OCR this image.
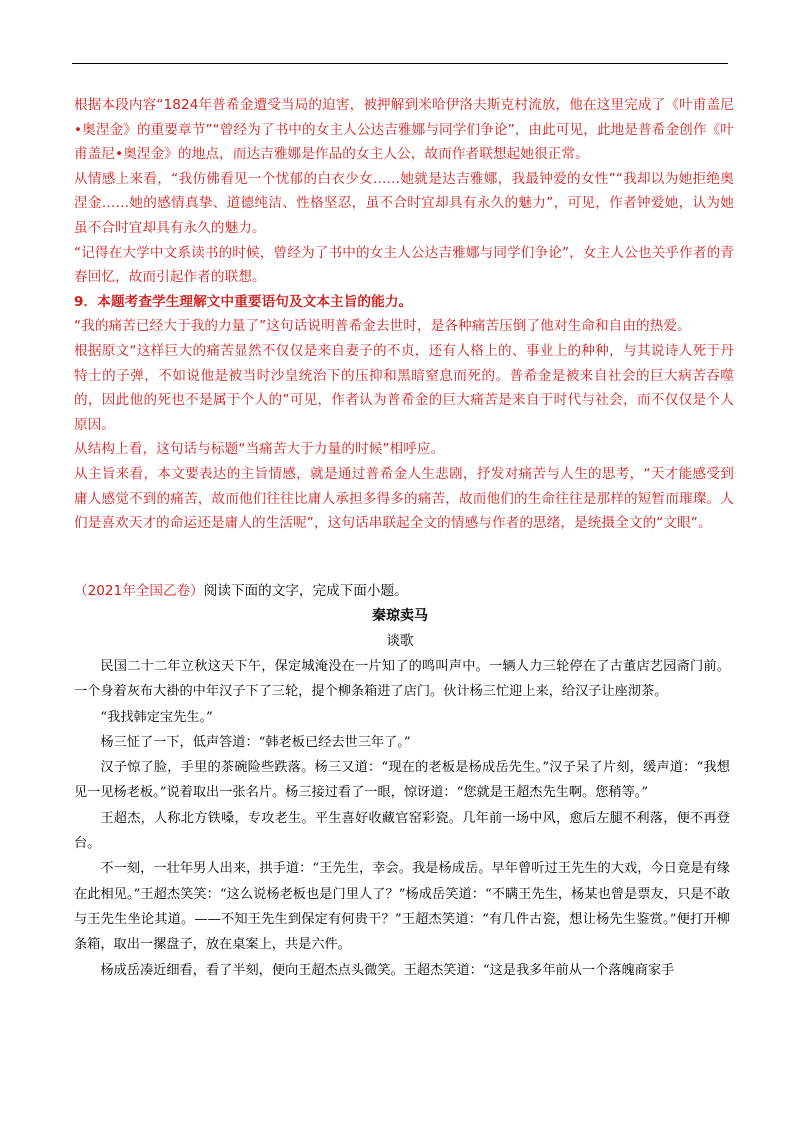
根据本段内容“1824年普希金遭受当局的迫害，被押解到米哈伊洛夫斯克村流放，他在这里完成了《叶甫盖尼•奥涅金》的重要章节”“曾经为了书中的女主人公达吉雅娜与同学们争论”，由此可见，此地是普希金创作《叶甫盖尼•奥涅金》的地点，而达吉雅娜是作品的女主人公，故而作者联想起她很正常。

从情感上来看，“我仿佛看见一个忧郁的白衣少女……她就是达吉雅娜，我最钟爱的女性”“我却以为她拒绝奥涅金……她的感情真挚、道德纯洁、性格坚忍，虽不合时宜却具有永久的魅力”，可见，作者钟爱她，认为她虽不合时宜却具有永久的魅力。

“记得在大学中文系读书的时候，曾经为了书中的女主人公达吉雅娜与同学们争论”，女主人公也关乎作者的青春回忆，故而引起作者的联想。

9．本题考查学生理解文中重要语句及文本主旨的能力。

“我的痛苦已经大于我的力量了”这句话说明普希金去世时，是各种痛苦压倒了他对生命和自由的热爱。

根据原文“这样巨大的痛苦显然不仅仅是来自妻子的不贞，还有人格上的、事业上的种种，与其说诗人死于丹特士的子弹，不如说他是被当时沙皇统治下的压抑和黑暗窒息而死的。普希金是被来自社会的巨大病苦吞噬的，因此他的死也不是属于个人的”可见，作者认为普希金的巨大痛苦是来自于时代与社会，而不仅仅是个人原因。

从结构上看，这句话与标题“当痛苦大于力量的时候”相呼应。

从主旨来看，本文要表达的主旨情感，就是通过普希金人生悲剧，抒发对痛苦与人生的思考，“天才能感受到庸人感觉不到的痛苦，故而他们往往比庸人承担多得多的痛苦，故而他们的生命往往是那样的短暂而璀璨。人们是喜欢天才的命运还是庸人的生活呢”，这句话串联起全文的情感与作者的思绪，是统摄全文的“文眼”。

（2021年全国乙卷）阅读下面的文字，完成下面小题。
秦琼卖马
谈歌

民国二十二年立秋这天下午，保定城淹没在一片知了的鸣叫声中。一辆人力三轮停在了古董店艺园斋门前。一个身着灰布大褂的中年汉子下了三轮，提个柳条箱进了店门。伙计杨三忙迎上来，给汉子让座沏茶。

“我找韩定宝先生。”

杨三怔了一下，低声答道：“韩老板已经去世三年了。”

汉子惊了脸，手里的茶碗险些跌落。杨三又道：“现在的老板是杨成岳先生。”汉子呆了片刻，缓声道：“我想见一见杨老板。”说着取出一张名片。杨三接过看了一眼，惊讶道：“您就是王超杰先生啊。您稍等。”

王超杰，人称北方铁嗓，专攻老生。平生喜好收藏官窑彩瓷。几年前一场中风，愈后左腿不利落，便不再登台。

不一刻，一壮年男人出来，拱手道：“王先生，幸会。我是杨成岳。早年曾听过王先生的大戏，今日竟是有缘在此相见。”王超杰笑笑：“这么说杨老板也是门里人了？”杨成岳笑道：“不瞒王先生，杨某也曾是票友，只是不敢与王先生坐论其道。——不知王先生到保定有何贵干？”王超杰笑道：“有几件古瓷，想让杨先生鉴赏。”便打开柳条箱，取出一摞盘子，放在桌案上，共是六件。

杨成岳凑近细看，看了半刻，便向王超杰点头微笑。王超杰笑道：“这是我多年前从一个落魄商家手
